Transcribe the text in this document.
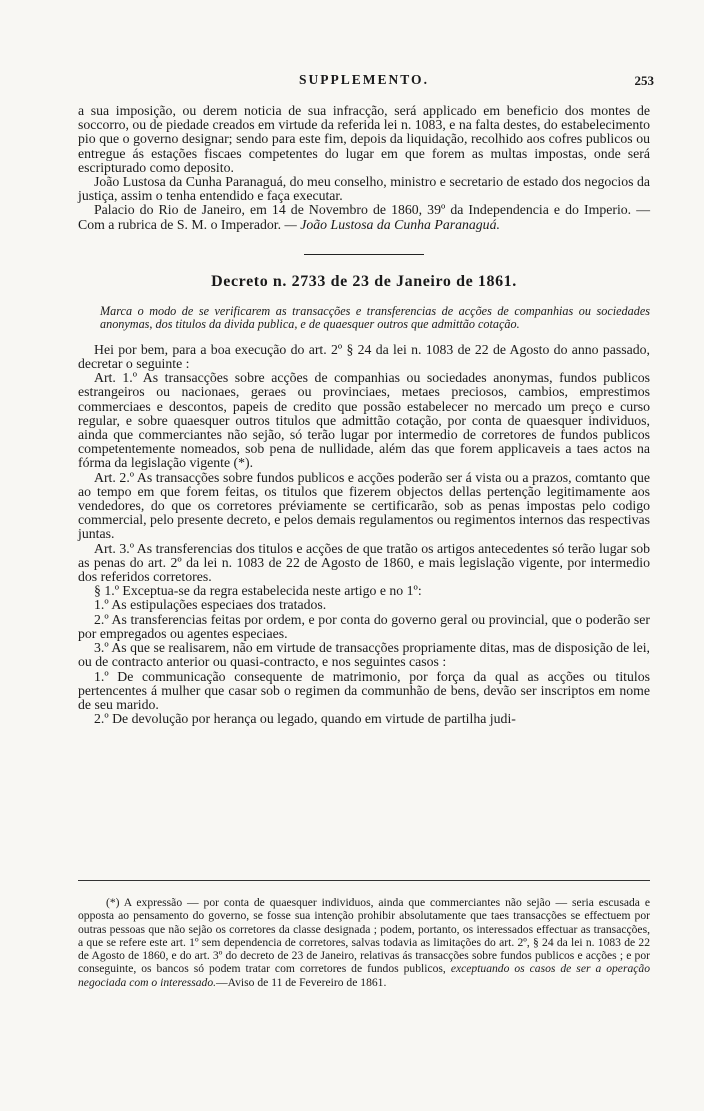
SUPPLEMENTO.	253

a sua imposição, ou derem noticia de sua infracção, será applicado em beneficio dos montes de soccorro, ou de piedade creados em virtude da referida lei n. 1083, e na falta destes, do estabelecimento pio que o governo designar; sendo para este fim, depois da liquidação, recolhido aos cofres publicos ou entregue ás estações fiscaes competentes do lugar em que forem as multas impostas, onde será escripturado como deposito.

João Lustosa da Cunha Paranaguá, do meu conselho, ministro e secretario de estado dos negocios da justiça, assim o tenha entendido e faça executar.

Palacio do Rio de Janeiro, em 14 de Novembro de 1860, 39º da Independencia e do Imperio. — Com a rubrica de S. M. o Imperador. — João Lustosa da Cunha Paranaguá.

Decreto n. 2733 de 23 de Janeiro de 1861.

Marca o modo de se verificarem as transacções e transferencias de acções de companhias ou sociedades anonymas, dos titulos da divida publica, e de quaesquer outros que admittão cotação.

Hei por bem, para a boa execução do art. 2º § 24 da lei n. 1083 de 22 de Agosto do anno passado, decretar o seguinte :

Art. 1.º As transacções sobre acções de companhias ou sociedades anonymas, fundos publicos estrangeiros ou nacionaes, geraes ou provinciaes, metaes preciosos, cambios, emprestimos commerciaes e descontos, papeis de credito que possão estabelecer no mercado um preço e curso regular, e sobre quaesquer outros titulos que admittão cotação, por conta de quaesquer individuos, ainda que commerciantes não sejão, só terão lugar por intermedio de corretores de fundos publicos competentemente nomeados, sob pena de nullidade, além das que forem applicaveis a taes actos na fórma da legislação vigente (*).

Art. 2.º As transacções sobre fundos publicos e acções poderão ser á vista ou a prazos, comtanto que ao tempo em que forem feitas, os titulos que fizerem objectos dellas pertenção legitimamente aos vendedores, do que os corretores préviamente se certificarão, sob as penas impostas pelo codigo commercial, pelo presente decreto, e pelos demais regulamentos ou regimentos internos das respectivas juntas.

Art. 3.º As transferencias dos titulos e acções de que tratão os artigos antecedentes só terão lugar sob as penas do art. 2º da lei n. 1083 de 22 de Agosto de 1860, e mais legislação vigente, por intermedio dos referidos corretores.

§ 1.º Exceptua-se da regra estabelecida neste artigo e no 1º:

1.º As estipulações especiaes dos tratados.

2.º As transferencias feitas por ordem, e por conta do governo geral ou provincial, que o poderão ser por empregados ou agentes especiaes.

3.º As que se realisarem, não em virtude de transacções propriamente ditas, mas de disposição de lei, ou de contracto anterior ou quasi-contracto, e nos seguintes casos :

1.º De communicação consequente de matrimonio, por força da qual as acções ou titulos pertencentes á mulher que casar sob o regimen da communhão de bens, devão ser inscriptos em nome de seu marido.

2.º De devolução por herança ou legado, quando em virtude de partilha judi-

(*) A expressão — por conta de quaesquer individuos, ainda que commerciantes não sejão — seria escusada e opposta ao pensamento do governo, se fosse sua intenção prohibir absolutamente que taes transacções se effectuem por outras pessoas que não sejão os corretores da classe designada ; podem, portanto, os interessados effectuar as transacções, a que se refere este art. 1º sem dependencia de corretores, salvas todavia as limitações do art. 2º, § 24 da lei n. 1083 de 22 de Agosto de 1860, e do art. 3º do decreto de 23 de Janeiro, relativas ás transacções sobre fundos publicos e acções ; e por conseguinte, os bancos só podem tratar com corretores de fundos publicos, exceptuando os casos de ser a operação negociada com o interessado.—Aviso de 11 de Fevereiro de 1861.
